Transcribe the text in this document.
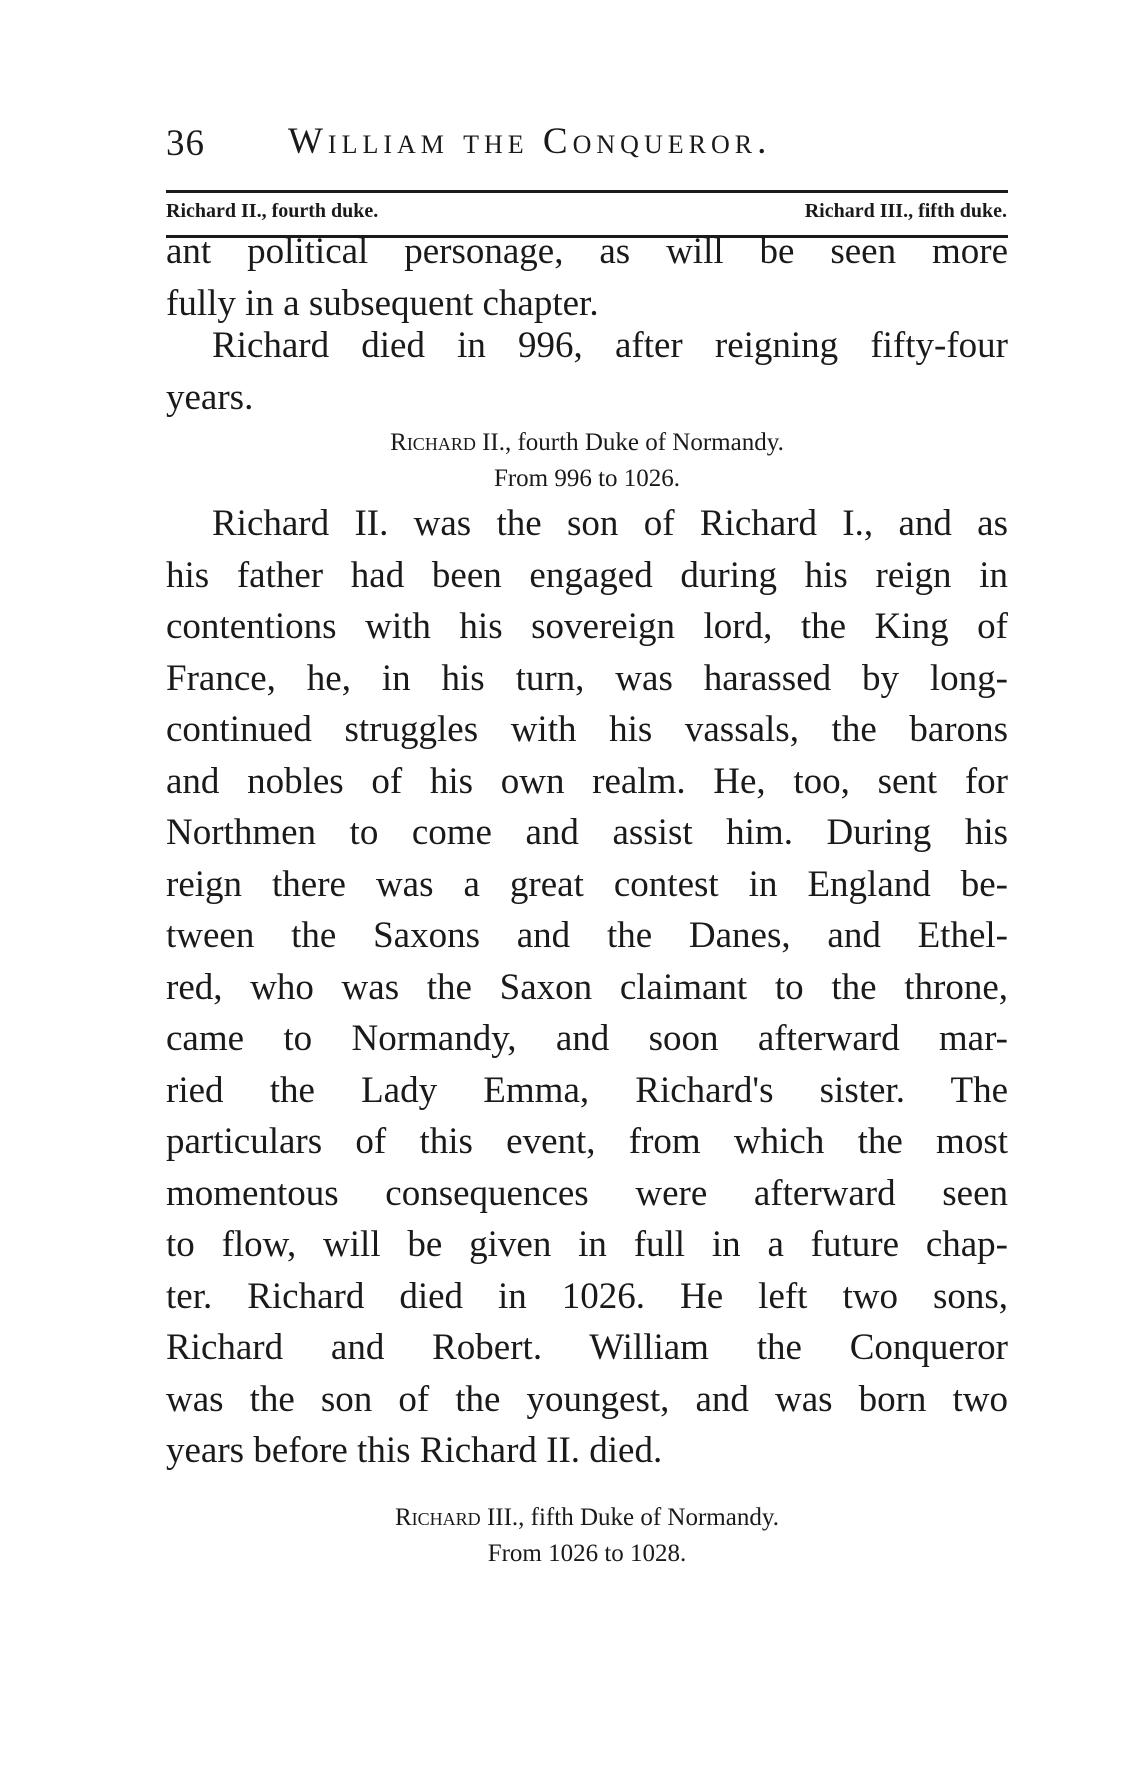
36 William the Conqueror.
Richard II., fourth duke.	Richard III., fifth duke.

ant political personage, as will be seen more
fully in a subsequent chapter.

Richard died in 996, after reigning fifty-four
years.

Richard II., fourth Duke of Normandy.
From 996 to 1026.

Richard II. was the son of Richard I., and as
his father had been engaged during his reign in
contentions with his sovereign lord, the King of
France, he, in his turn, was harassed by long-
continued struggles with his vassals, the barons
and nobles of his own realm. He, too, sent for
Northmen to come and assist him. During his
reign there was a great contest in England be-
tween the Saxons and the Danes, and Ethel-
red, who was the Saxon claimant to the throne,
came to Normandy, and soon afterward mar-
ried the Lady Emma, Richard's sister. The
particulars of this event, from which the most
momentous consequences were afterward seen
to flow, will be given in full in a future chap-
ter. Richard died in 1026. He left two sons,
Richard and Robert. William the Conqueror
was the son of the youngest, and was born two
years before this Richard II. died.

Richard III., fifth Duke of Normandy.
From 1026 to 1028.
